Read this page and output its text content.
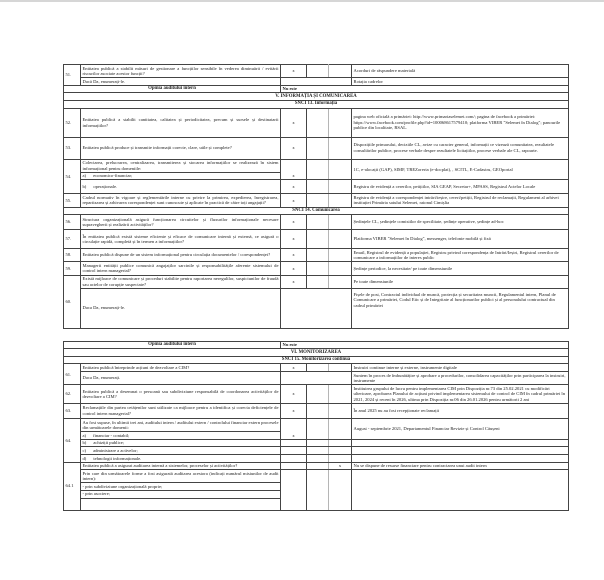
51.	Entitatea publică a stabilit măsuri de gestionare a funcțiilor sensibile în vederea diminuării / evitării riscurilor asociate acestor funcții?	x			Acorduri de răspundere materială
	Dacă Da, enumerați-le.				Rotația cadrelor
Opinia auditului intern		Nu este			
V. INFORMAȚIA ȘI COMUNICAREA					
SNCI 13. Informația					
52.	Entitatea publică a stabilit cantitatea, calitatea și periodicitatea, precum și sursele și destinatarii informațiilor?	x			pagina web oficială a primăriei: http://www.primariaselemet.com/; pagina de facebook a primăriei: https://www.facebook.com/profile.php?id=100068617579410; platforma VIBER "Selemet în Dialog"; panourile publice din localitate, RSAL.
53.	Entitatea publică produce și transmite informații corecte, clare, utile și complete?	x			Dispozițiile primarului, deciziile CL, avize cu caracter general, informații ce vizează comunitatea, rezultatele consultărilor publice, procese verbale despre rezultatele licitațiilor, procese verbale ale CL, rapoarte.
54.	Colectarea, prelucrarea, centralizarea, transmiterea și stocarea informațiilor se realizează în sistem informațional pentru domeniile:	x			1C, e-alocații (GAP), SIMF, TREZoreria (e-docplat), , SCITL, E-Cadastru, GEOportal
	a) economico-financiar;				
	b) operaționale.	x			Registru de evidență a cererilor, petițiilor, SIA GEAP, Secretar+, MPASS, Registrul Actelor Locale
55.	Cadrul normativ în vigoare și reglementările interne cu privire la primirea, expedierea, înregistrarea, repartizarea și arhivarea corespondenței sunt cunoscute și aplicate în practică de către toți angajații?	x			Registru de evidență a corespondenței intrări/ieșire, cereri/petiții, Registrul de reclamații, Regulament al arhivei instituției Primăria satului Selemet, raionul Cimișlia
SNCI 14. Comunicarea					
56.	Structura organizațională asigură funcționarea circuitelor și fluxurilor informaționale necesare supravegherii și realizării activităților?	x			Ședințele CL, ședințele comisiilor de specilitate, ședințe operative, ședințe ad-hoc
57.	În entitatea publică există sisteme eficiente și eficace de comunicare internă și externă, ce asigură o circulație rapidă, completă și în termen a informațiilor?	x			Platforma VIBER "Selemet în Dialog", messenger, telefonie mobilă și fixă
58.	Entitatea publică dispune de un sistem informațional pentru circulația documentelor / corespondenței?	x			Email, Registrul de evidență a populației, Registru privind corespondența de Intrări/Ieșiri, Registrul cererilor de comunicare a informațiilor de interes public
59.	Managerii entității publice comunică angajaților sarcinile și responsabilitățile aferente sistemului de control intern managerial?	x			Ședințe periodice, la necesitate/ pe toate dimensiunile
60.	Există mijloace de comunicare și proceduri stabilite pentru raportarea neregulilor, suspiciunilor de fraudă sau actelor de corupție suspectate?	x			Pe toate dimensiunile
	Daca Da, enumerați-le.				Fișele de post, Contractul individual de muncă, protecția și securitatea muncii, Regulamentul intern, Planul de Comunicare a primăriei, Codul Etic și de Integritate al funcționarilor publici și al personalului contractual din cadrul primăriei

Opinia auditului intern		Nu este			
VI. MONITORIZAREA					
SNCI 15. Monitorizarea continuă					
61.	Entitatea publică întreprinde acțiuni de dezvoltare a CIM?	x			Instruiri continue interne și externe, instrumente digitale
	Daca Da, enumerați.				Suntem în proces de îmbunătățire și aprobare a procedurilor, consolidarea capacităților prin participarea la instruiri, instrumente
62.	Entitatea publică a desemnat o persoană sau subdiviziune responsabilă de coordonarea activităților de dezvoltare a CIM?	x			Instituirea grupului de lucru pentru implementarea CIM prin Dispoziția nr.73 din 25.02.2021 cu modificări ulterioare, aprobarea Planului de acțiuni privind implementarea sistemului de control de CIM în cadrul primăriei în 2021, 2024 și recent în 2026, ultima prin Dispoziția nr.06 din 26.01.2026 pentru următorii 2 ani
63.	Reclamațiile din partea cetățenilor sunt utilizate ca mijloace pentru a identifica și corecta deficiențele de control intern managerial?	x			În anul 2025 nu au fost recepționate reclamații
64.	Au fost supuse, în ultimii trei ani, auditului intern / auditului extern / controlului financiar extern procesele din următoarele domenii:	x			August - septembrie 2021, Departamentul Financiar Revizie și Control Căușeni
	a) financiar - contabil;				
	b) achiziții publice;				
	c) administrare a activelor;				
	d) tehnologii informaționale.				
64.1	Entitatea publică a asigurat auditarea internă a sistemelor, proceselor și activităților?			x	Nu se dispune de resurse financiare pentru contractarea unui audit intern
	Prin care din următoarele forme a fost asigurată auditarea acestora (indicați numărul misiunilor de audit intern):				
	- prin subdiviziune organizațională proprie;				
	- prin asociere;				
